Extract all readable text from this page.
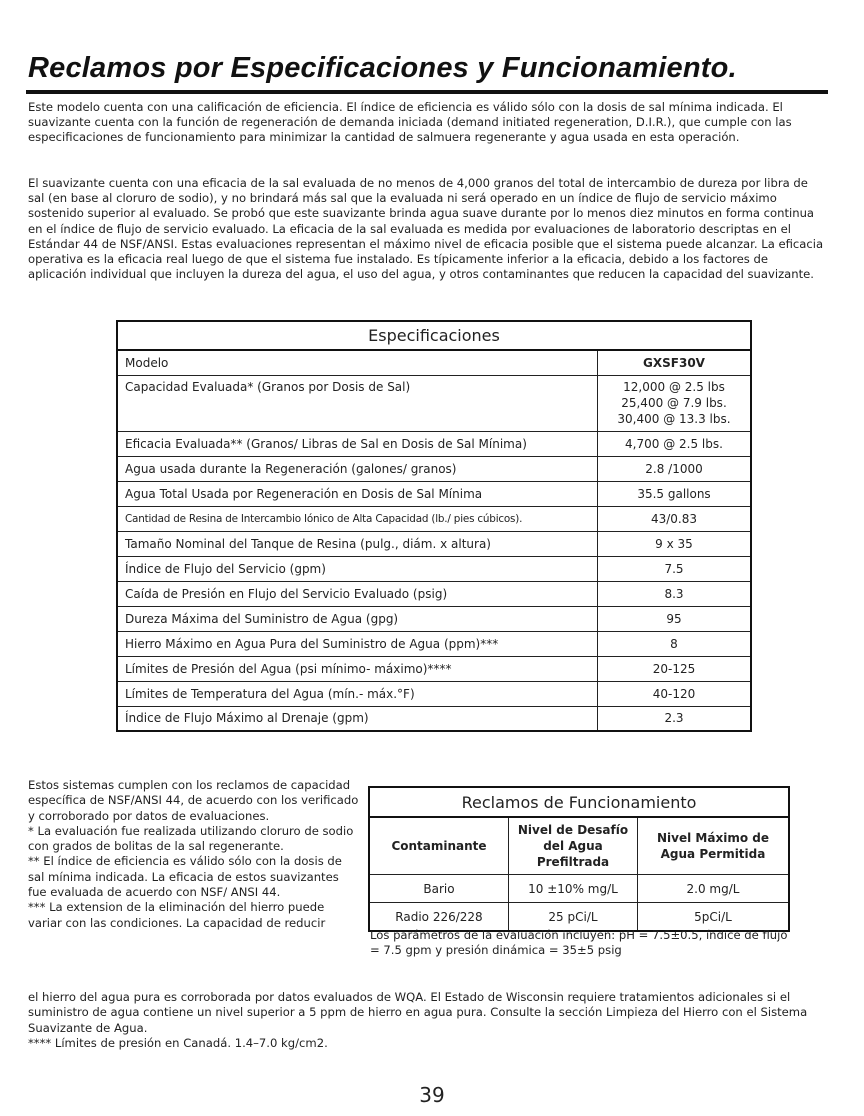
Reclamos por Especificaciones y Funcionamiento.
Este modelo cuenta con una calificación de eficiencia. El índice de eficiencia es válido sólo con la dosis de sal mínima indicada. El suavizante cuenta con la función de regeneración de demanda iniciada (demand initiated regeneration, D.I.R.), que cumple con las especificaciones de funcionamiento para minimizar la cantidad de salmuera regenerante y agua usada en esta operación.
El suavizante cuenta con una eficacia de la sal evaluada de no menos de 4,000 granos del total de intercambio de dureza por libra de sal (en base al cloruro de sodio), y no brindará más sal que la evaluada ni será operado en un índice de flujo de servicio máximo sostenido superior al evaluado. Se probó que este suavizante brinda agua suave durante por lo menos diez minutos en forma continua en el índice de flujo de servicio evaluado. La eficacia de la sal evaluada es medida por evaluaciones de laboratorio descriptas en el Estándar 44 de NSF/ANSI. Estas evaluaciones representan el máximo nivel de eficacia posible que el sistema puede alcanzar. La eficacia operativa es la eficacia real luego de que el sistema fue instalado. Es típicamente inferior a la eficacia, debido a los factores de aplicación individual que incluyen la dureza del agua, el uso del agua, y otros contaminantes que reducen la capacidad del suavizante.
Especificaciones	
Modelo	GXSF30V
Capacidad Evaluada* (Granos por Dosis de Sal)	12,000 @ 2.5 lbs
25,400 @ 7.9 lbs.
30,400 @ 13.3 lbs.

Eficacia Evaluada** (Granos/ Libras de Sal en Dosis de Sal Mínima)	4,700 @ 2.5 lbs.
Agua usada durante la Regeneración (galones/ granos)	2.8 /1000
Agua Total Usada por Regeneración en Dosis de Sal Mínima	35.5 gallons
Cantidad de Resina de Intercambio Iónico de Alta Capacidad (lb./ pies cúbicos).	43/0.83
Tamaño Nominal del Tanque de Resina (pulg., diám. x altura)	9 x 35
Índice de Flujo del Servicio (gpm)	7.5
Caída de Presión en Flujo del Servicio Evaluado (psig)	8.3
Dureza Máxima del Suministro de Agua (gpg)	95
Hierro Máximo en Agua Pura del Suministro de Agua (ppm)***	8
Límites de Presión del Agua (psi mínimo- máximo)****	20-125
Límites de Temperatura del Agua (mín.- máx.°F)	40-120
Índice de Flujo Máximo al Drenaje (gpm)	2.3

Estos sistemas cumplen con los reclamos de capacidad específica de NSF/ANSI 44, de acuerdo con los verificado y corroborado por datos de evaluaciones.

* La evaluación fue realizada utilizando cloruro de sodio con grados de bolitas de la sal regenerante.

** El índice de eficiencia es válido sólo con la dosis de sal mínima indicada. La eficacia de estos suavizantes fue evaluada de acuerdo con NSF/ ANSI 44.

*** La extension de la eliminación del hierro puede variar con las condiciones. La capacidad de reducir

Reclamos de Funcionamiento		
Contaminante	Nivel de Desafío del Agua Prefiltrada	Nivel Máximo de Agua Permitida
Bario	10 ±10% mg/L	2.0 mg/L
Radio 226/228	25 pCi/L	5pCi/L
Los parámetros de la evaluación incluyen: pH = 7.5±0.5, índice de flujo = 7.5 gpm y presión dinámica = 35±5 psig

el hierro del agua pura es corroborada por datos evaluados de WQA. El Estado de Wisconsin requiere tratamientos adicionales si el suministro de agua contiene un nivel superior a 5 ppm de hierro en agua pura. Consulte la sección Limpieza del Hierro con el Sistema Suavizante de Agua.

**** Límites de presión en Canadá. 1.4–7.0 kg/cm2.

39
